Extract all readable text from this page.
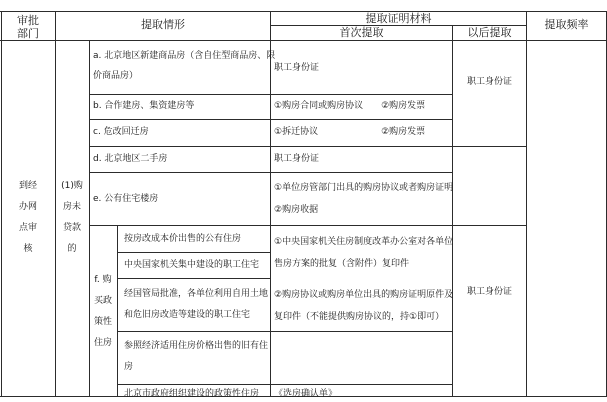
审批
部门
提取情形	提取证明材料
首次提取	以后提取
提取频率
到经
办网
点审
核
(1)购
房未
贷款
的
a. 北京地区新建商品房（含自住型商品房、限
价商品房）
b. 合作建房、集资建房等
c. 危改回迁房
d. 北京地区二手房
e. 公有住宅楼房
f. 购
买政
策性
住房
按房改成本价出售的公有住房
中央国家机关集中建设的职工住宅
经国管局批准，各单位利用自用土地
和危旧房改造等建设的职工住宅
参照经济适用住房价格出售的旧有住
房
北京市政府组织建设的政策性住房
职工身份证
①购房合同或购房协议　　②购房发票
①拆迁协议　　　　　　　②购房发票
职工身份证
①单位房管部门出具的购房协议或者购房证明
②购房收据
①中央国家机关住房制度改革办公室对各单位
售房方案的批复（含附件）复印件
②购房协议或购房单位出具的购房证明原件及
复印件（不能提供购房协议的，持①即可）
《选房确认单》
职工身份证
职工身份证
